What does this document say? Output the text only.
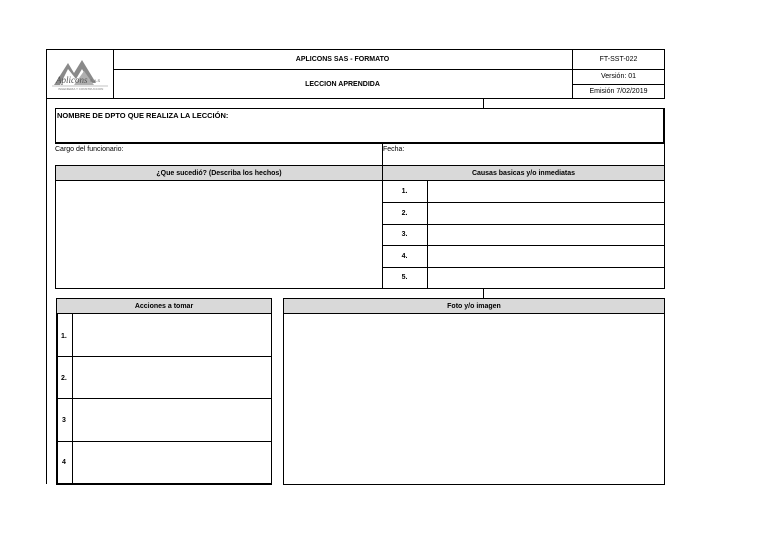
Aplicons S.A.S
INGENIERIA Y CONSTRUCCION
APLICONS SAS - FORMATO
LECCION APRENDIDA
FT-SST-022
Versión: 01
Emisión 7/02/2019
NOMBRE DE DPTO QUE REALIZA LA LECCIÓN:
Cargo del funcionario:	Fecha:
¿Que sucedió? (Describa los hechos)	Causas basicas y/o inmediatas
1.
2.
3.
4.
5.
Acciones a tomar
1.
2.
3
4
Foto y/o imagen
